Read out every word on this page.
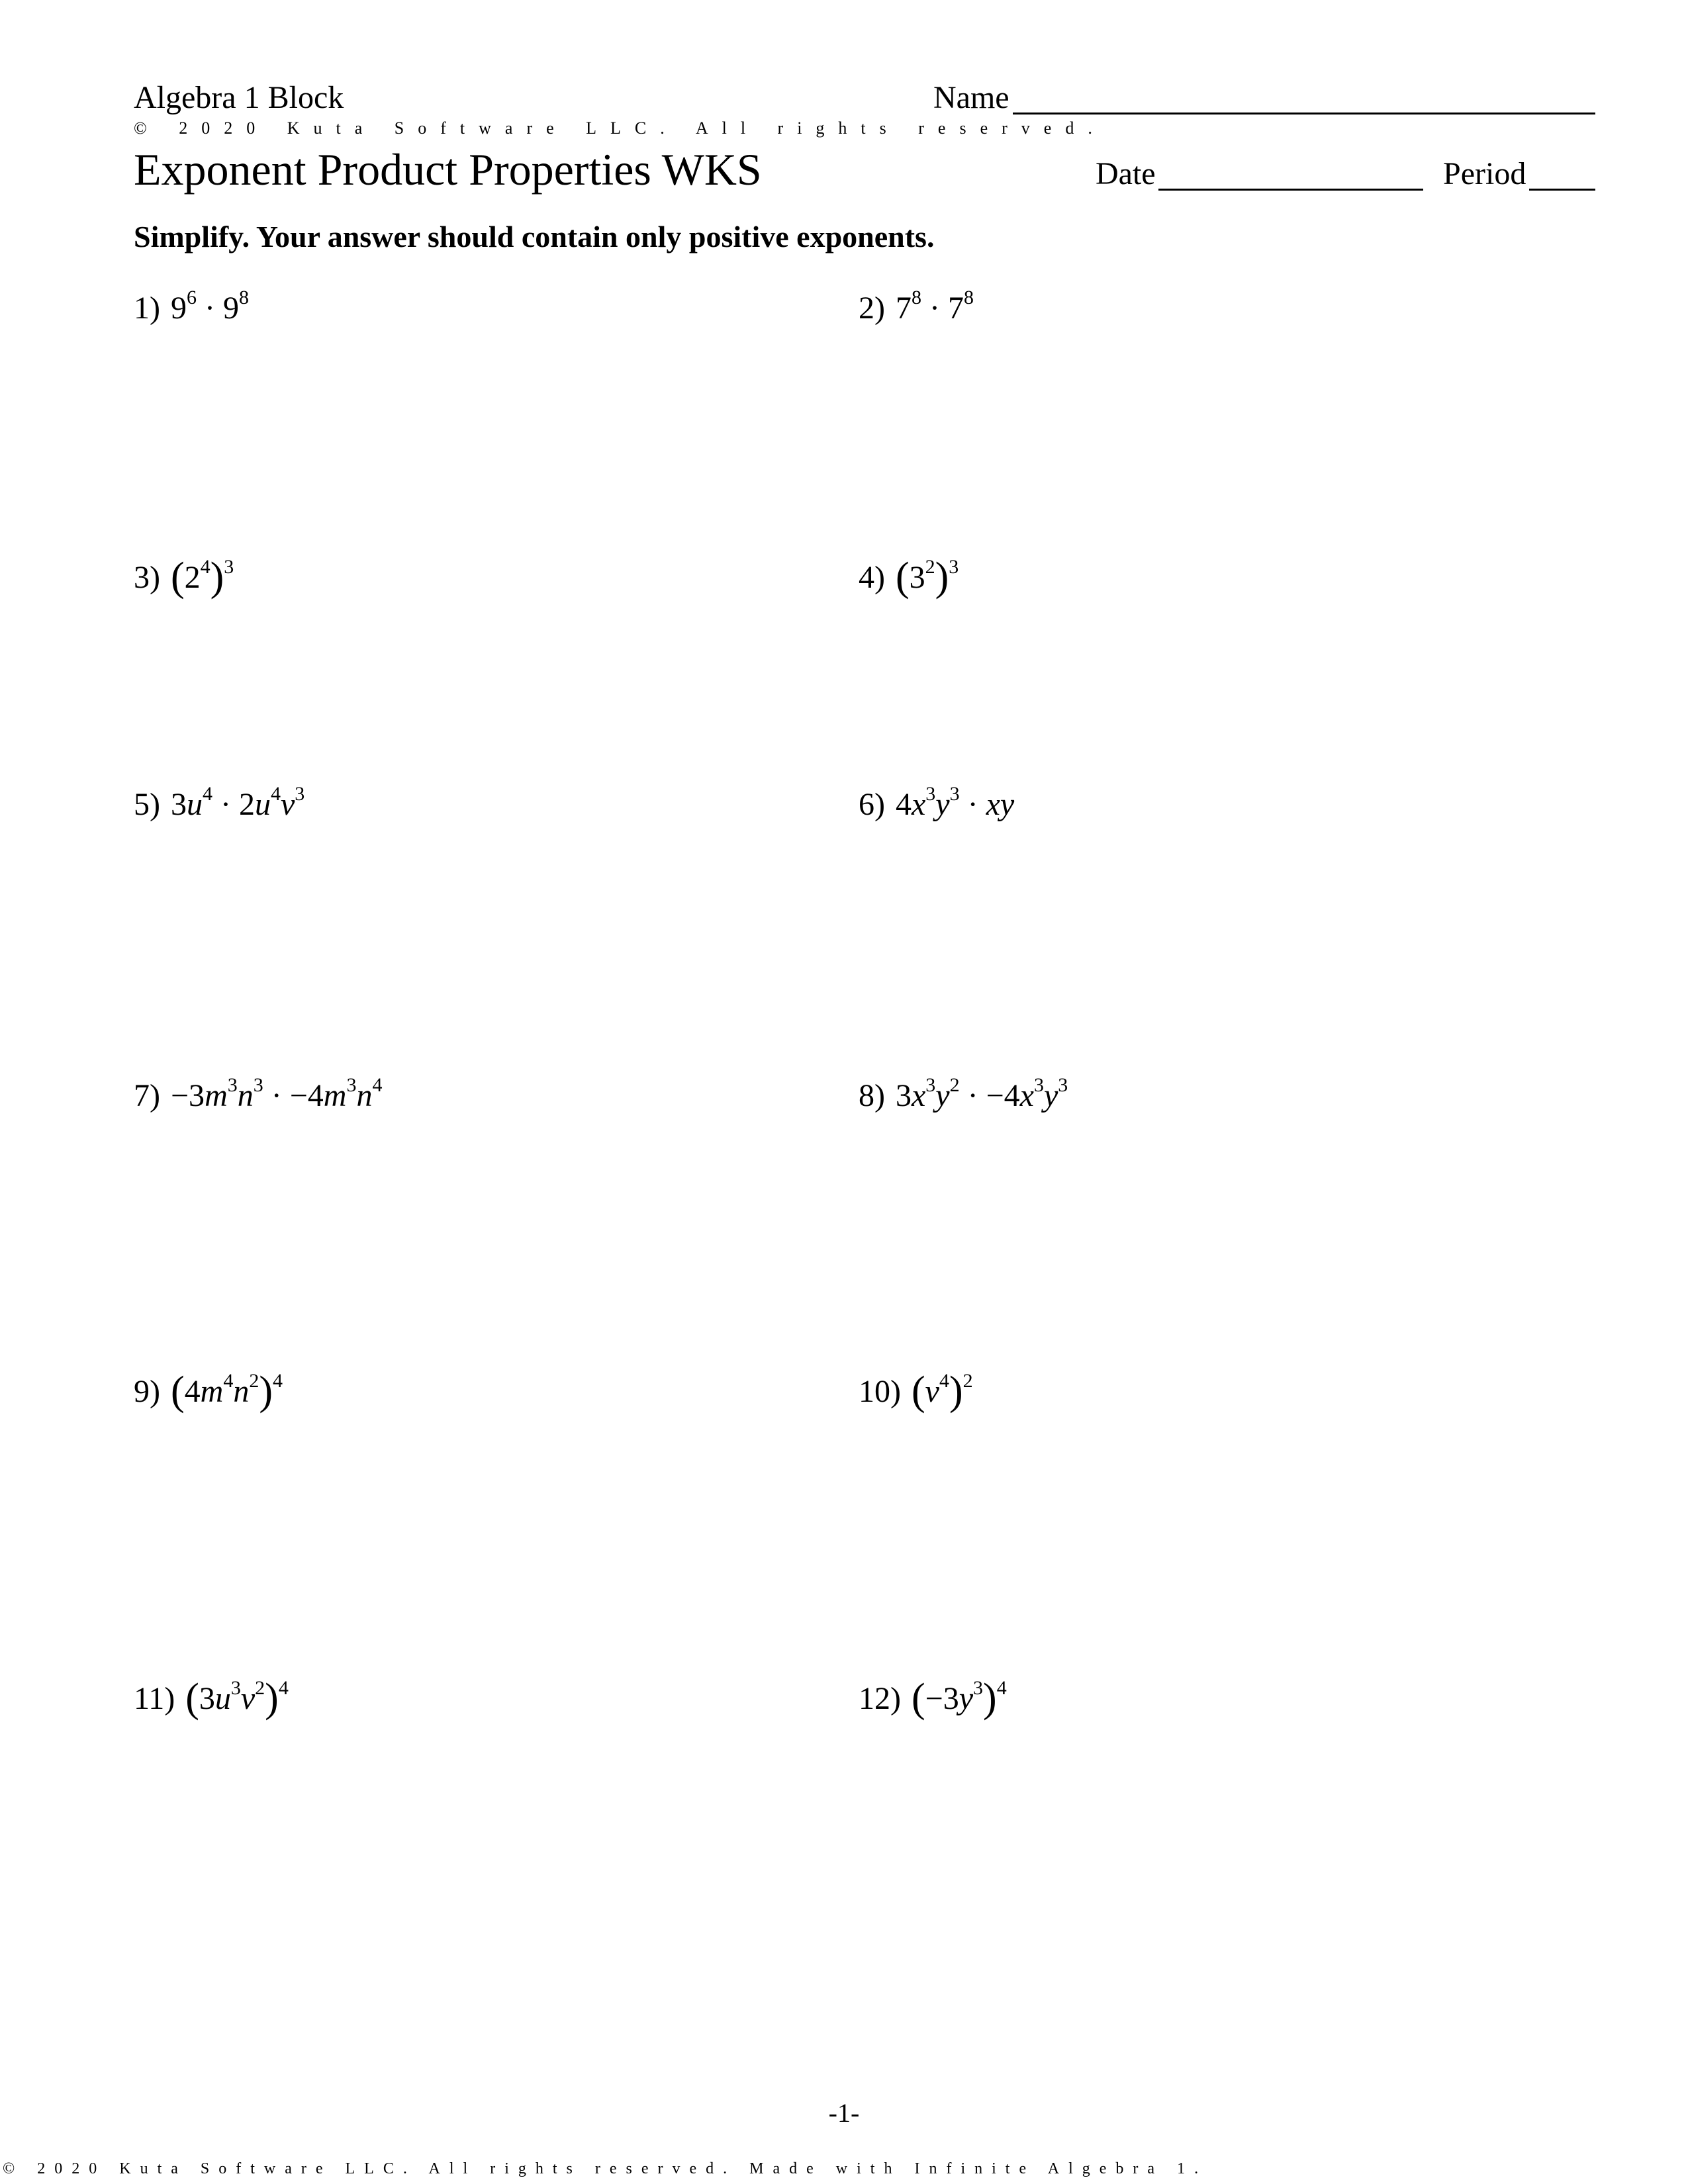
Algebra 1 Block	Name
© 2020 Kuta Software LLC. All rights reserved.
Exponent Product Properties WKS	Date	Period
Simplify. Your answer should contain only positive exponents.
1) $9^6 \cdot 9^8$	2) $7^8 \cdot 7^8$
3) $(2^4)^3$	4) $(3^2)^3$
5) $3u^4 \cdot 2u^4v^3$	6) $4x^3y^3$ · xy
$7) -3m^3n^3 \cdot -4m^3n^4$	8) $3x^3y^2 \cdot -4x^3y^3$
9) $(4m^4n^2)^4$	10) $(v^4)^2$
11) $(3u^3v^2)^4$	12) $(-3y^3)^4$
-1-
© 2020 Kuta Software LLC. All rights reserved. Made with Infinite Algebra 1.
